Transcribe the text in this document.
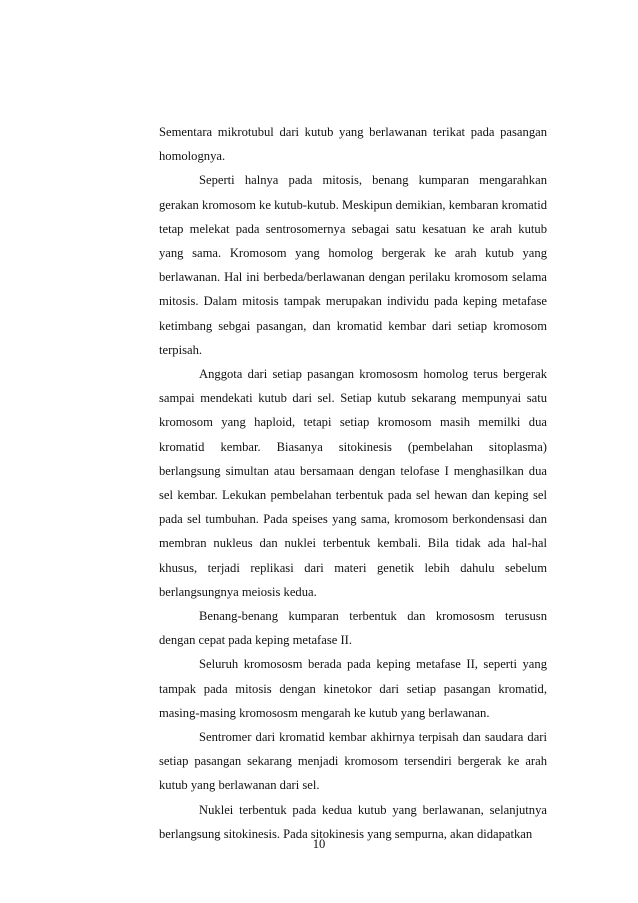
Sementara mikrotubul dari kutub yang berlawanan terikat pada pasangan homolognya.

Seperti halnya pada mitosis, benang kumparan mengarahkan gerakan kromosom ke kutub-kutub. Meskipun demikian, kembaran kromatid tetap melekat pada sentrosomernya sebagai satu kesatuan ke arah kutub yang sama. Kromosom yang homolog bergerak ke arah kutub yang berlawanan. Hal ini berbeda/berlawanan dengan perilaku kromosom selama mitosis. Dalam mitosis tampak merupakan individu pada keping metafase ketimbang sebgai pasangan, dan kromatid kembar dari setiap kromosom terpisah.

Anggota dari setiap pasangan kromososm homolog terus bergerak sampai mendekati kutub dari sel. Setiap kutub sekarang mempunyai satu kromosom yang haploid, tetapi setiap kromosom masih memilki dua kromatid kembar. Biasanya sitokinesis (pembelahan sitoplasma) berlangsung simultan atau bersamaan dengan telofase I menghasilkan dua sel kembar. Lekukan pembelahan terbentuk pada sel hewan dan keping sel pada sel tumbuhan. Pada speises yang sama, kromosom berkondensasi dan membran nukleus dan nuklei terbentuk kembali. Bila tidak ada hal-hal khusus, terjadi replikasi dari materi genetik lebih dahulu sebelum berlangsungnya meiosis kedua.

Benang-benang kumparan terbentuk dan kromososm terususn dengan cepat pada keping metafase II.

Seluruh kromososm berada pada keping metafase II, seperti yang tampak pada mitosis dengan kinetokor dari setiap pasangan kromatid, masing-masing kromososm mengarah ke kutub yang berlawanan.

Sentromer dari kromatid kembar akhirnya terpisah dan saudara dari setiap pasangan sekarang menjadi kromosom tersendiri bergerak ke arah kutub yang berlawanan dari sel.

Nuklei terbentuk pada kedua kutub yang berlawanan, selanjutnya berlangsung sitokinesis. Pada sitokinesis yang sempurna, akan didapatkan

10
